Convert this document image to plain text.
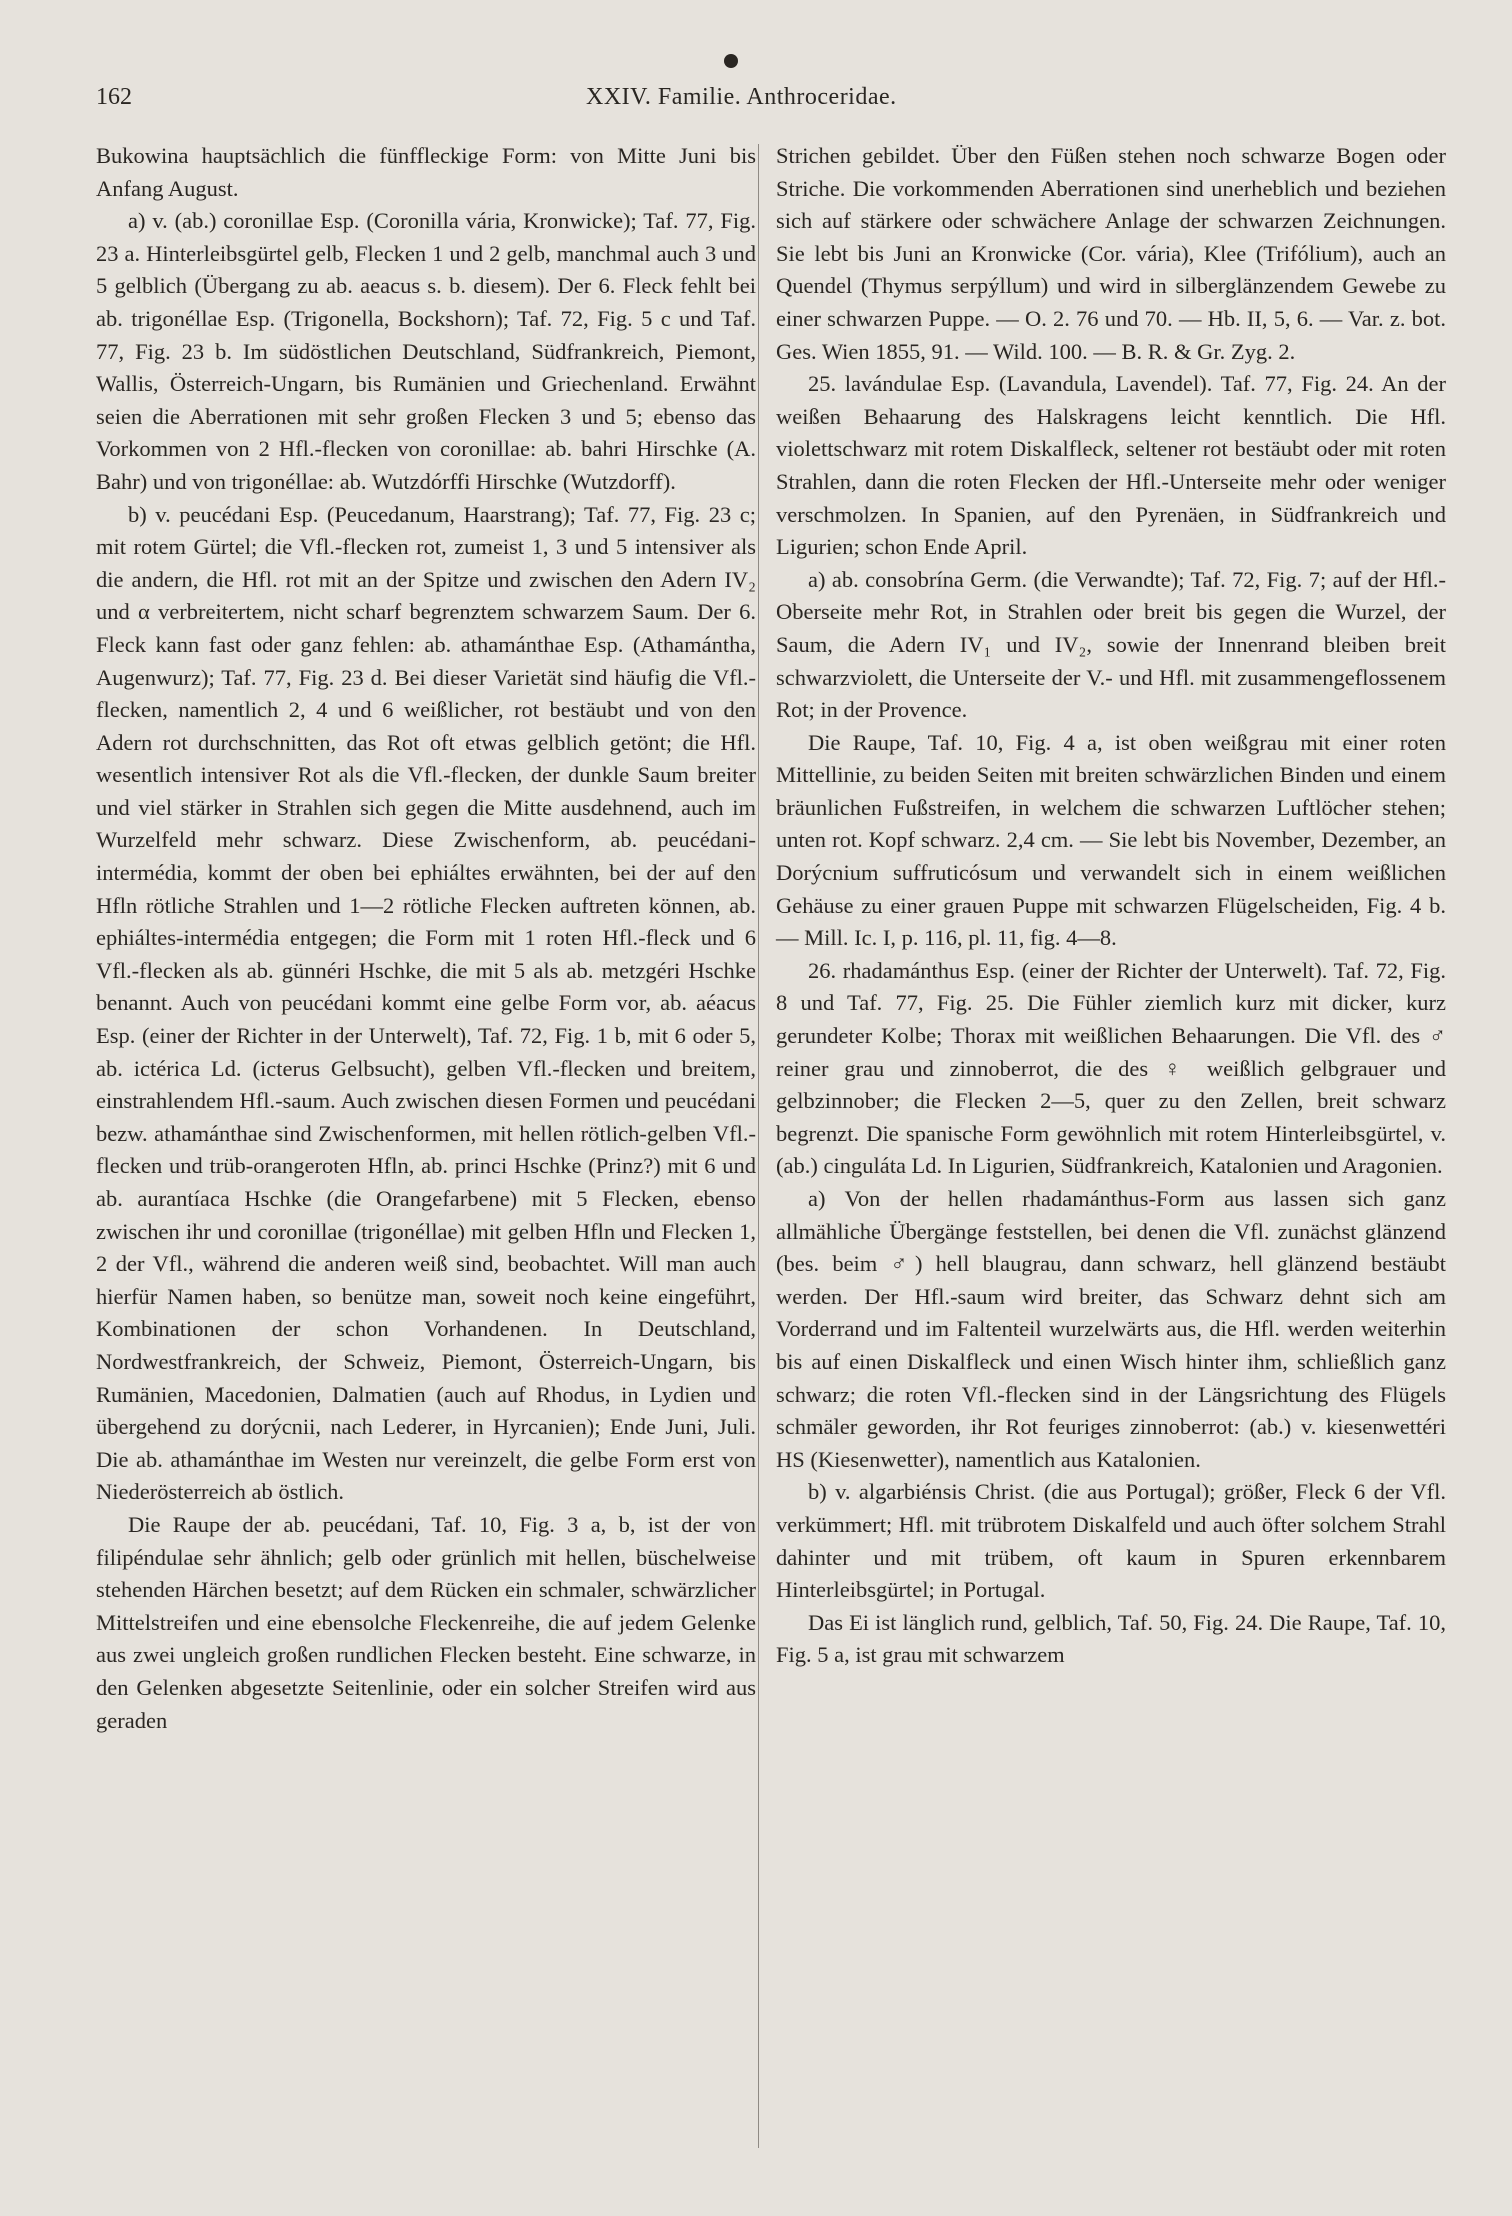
162	XXIV. Familie. Anthroceridae.

Bukowina hauptsächlich die fünffleckige Form: von Mitte Juni bis Anfang August.

a) v. (ab.) coronillae Esp. (Coronilla vária, Kronwicke); Taf. 77, Fig. 23 a. Hinterleibsgürtel gelb, Flecken 1 und 2 gelb, manchmal auch 3 und 5 gelblich (Übergang zu ab. aeacus s. b. diesem). Der 6. Fleck fehlt bei ab. trigonéllae Esp. (Trigonella, Bockshorn); Taf. 72, Fig. 5 c und Taf. 77, Fig. 23 b. Im südöstlichen Deutschland, Südfrankreich, Piemont, Wallis, Österreich-Ungarn, bis Rumänien und Griechenland. Erwähnt seien die Aberrationen mit sehr großen Flecken 3 und 5; ebenso das Vorkommen von 2 Hfl.-flecken von coronillae: ab. bahri Hirschke (A. Bahr) und von trigonéllae: ab. Wutzdórffi Hirschke (Wutzdorff).

b) v. peucédani Esp. (Peucedanum, Haarstrang); Taf. 77, Fig. 23 c; mit rotem Gürtel; die Vfl.-flecken rot, zumeist 1, 3 und 5 intensiver als die andern, die Hfl. rot mit an der Spitze und zwischen den Adern IV₂ und α verbreitertem, nicht scharf begrenztem schwarzem Saum. Der 6. Fleck kann fast oder ganz fehlen: ab. athamánthae Esp. (Athamántha, Augenwurz); Taf. 77, Fig. 23 d. Bei dieser Varietät sind häufig die Vfl.-flecken, namentlich 2, 4 und 6 weißlicher, rot bestäubt und von den Adern rot durchschnitten, das Rot oft etwas gelblich getönt; die Hfl. wesentlich intensiver Rot als die Vfl.-flecken, der dunkle Saum breiter und viel stärker in Strahlen sich gegen die Mitte ausdehnend, auch im Wurzelfeld mehr schwarz. Diese Zwischenform, ab. peucédani-intermédia, kommt der oben bei ephiáltes erwähnten, bei der auf den Hfln rötliche Strahlen und 1—2 rötliche Flecken auftreten können, ab. ephiáltes-intermédia entgegen; die Form mit 1 roten Hfl.-fleck und 6 Vfl.-flecken als ab. günnéri Hschke, die mit 5 als ab. metzgéri Hschke benannt. Auch von peucédani kommt eine gelbe Form vor, ab. aéacus Esp. (einer der Richter in der Unterwelt), Taf. 72, Fig. 1 b, mit 6 oder 5, ab. ictérica Ld. (icterus Gelbsucht), gelben Vfl.-flecken und breitem, einstrahlendem Hfl.-saum. Auch zwischen diesen Formen und peucédani bezw. athamánthae sind Zwischenformen, mit hellen rötlich-gelben Vfl.-flecken und trüb-orangeroten Hfln, ab. princi Hschke (Prinz?) mit 6 und ab. aurantíaca Hschke (die Orangefarbene) mit 5 Flecken, ebenso zwischen ihr und coronillae (trigonéllae) mit gelben Hfln und Flecken 1, 2 der Vfl., während die anderen weiß sind, beobachtet. Will man auch hierfür Namen haben, so benütze man, soweit noch keine eingeführt, Kombinationen der schon Vorhandenen. In Deutschland, Nordwestfrankreich, der Schweiz, Piemont, Österreich-Ungarn, bis Rumänien, Macedonien, Dalmatien (auch auf Rhodus, in Lydien und übergehend zu dorýcnii, nach Lederer, in Hyrcanien); Ende Juni, Juli. Die ab. athamánthae im Westen nur vereinzelt, die gelbe Form erst von Niederösterreich ab östlich.

Die Raupe der ab. peucédani, Taf. 10, Fig. 3 a, b, ist der von filipéndulae sehr ähnlich; gelb oder grünlich mit hellen, büschelweise stehenden Härchen besetzt; auf dem Rücken ein schmaler, schwärzlicher Mittelstreifen und eine ebensolche Fleckenreihe, die auf jedem Gelenke aus zwei ungleich großen rundlichen Flecken besteht. Eine schwarze, in den Gelenken abgesetzte Seitenlinie, oder ein solcher Streifen wird aus geraden

Strichen gebildet. Über den Füßen stehen noch schwarze Bogen oder Striche. Die vorkommenden Aberrationen sind unerheblich und beziehen sich auf stärkere oder schwächere Anlage der schwarzen Zeichnungen. Sie lebt bis Juni an Kronwicke (Cor. vária), Klee (Trifólium), auch an Quendel (Thymus serpýllum) und wird in silberglänzendem Gewebe zu einer schwarzen Puppe. — O. 2. 76 und 70. — Hb. II, 5, 6. — Var. z. bot. Ges. Wien 1855, 91. — Wild. 100. — B. R. & Gr. Zyg. 2.

25. lavándulae Esp. (Lavandula, Lavendel). Taf. 77, Fig. 24. An der weißen Behaarung des Halskragens leicht kenntlich. Die Hfl. violettschwarz mit rotem Diskalfleck, seltener rot bestäubt oder mit roten Strahlen, dann die roten Flecken der Hfl.-Unterseite mehr oder weniger verschmolzen. In Spanien, auf den Pyrenäen, in Südfrankreich und Ligurien; schon Ende April.

a) ab. consobrína Germ. (die Verwandte); Taf. 72, Fig. 7; auf der Hfl.-Oberseite mehr Rot, in Strahlen oder breit bis gegen die Wurzel, der Saum, die Adern IV₁ und IV₂, sowie der Innenrand bleiben breit schwarzviolett, die Unterseite der V.- und Hfl. mit zusammengeflossenem Rot; in der Provence.

Die Raupe, Taf. 10, Fig. 4 a, ist oben weißgrau mit einer roten Mittellinie, zu beiden Seiten mit breiten schwärzlichen Binden und einem bräunlichen Fußstreifen, in welchem die schwarzen Luftlöcher stehen; unten rot. Kopf schwarz. 2,4 cm. — Sie lebt bis November, Dezember, an Dorýcnium suffruticósum und verwandelt sich in einem weißlichen Gehäuse zu einer grauen Puppe mit schwarzen Flügelscheiden, Fig. 4 b. — Mill. Ic. I, p. 116, pl. 11, fig. 4—8.

26. rhadamánthus Esp. (einer der Richter der Unterwelt). Taf. 72, Fig. 8 und Taf. 77, Fig. 25. Die Fühler ziemlich kurz mit dicker, kurz gerundeter Kolbe; Thorax mit weißlichen Behaarungen. Die Vfl. des ♂ reiner grau und zinnoberrot, die des ♀ weißlich gelbgrauer und gelbzinnober; die Flecken 2—5, quer zu den Zellen, breit schwarz begrenzt. Die spanische Form gewöhnlich mit rotem Hinterleibsgürtel, v. (ab.) cinguláta Ld. In Ligurien, Südfrankreich, Katalonien und Aragonien.

a) Von der hellen rhadamánthus-Form aus lassen sich ganz allmähliche Übergänge feststellen, bei denen die Vfl. zunächst glänzend (bes. beim ♂) hell blaugrau, dann schwarz, hell glänzend bestäubt werden. Der Hfl.-saum wird breiter, das Schwarz dehnt sich am Vorderrand und im Faltenteil wurzelwärts aus, die Hfl. werden weiterhin bis auf einen Diskalfleck und einen Wisch hinter ihm, schließlich ganz schwarz; die roten Vfl.-flecken sind in der Längsrichtung des Flügels schmäler geworden, ihr Rot feuriges zinnoberrot: (ab.) v. kiesenwettéri HS (Kiesenwetter), namentlich aus Katalonien.

b) v. algarbiénsis Christ. (die aus Portugal); größer, Fleck 6 der Vfl. verkümmert; Hfl. mit trübrotem Diskalfeld und auch öfter solchem Strahl dahinter und mit trübem, oft kaum in Spuren erkennbarem Hinterleibsgürtel; in Portugal.

Das Ei ist länglich rund, gelblich, Taf. 50, Fig. 24. Die Raupe, Taf. 10, Fig. 5 a, ist grau mit schwarzem
